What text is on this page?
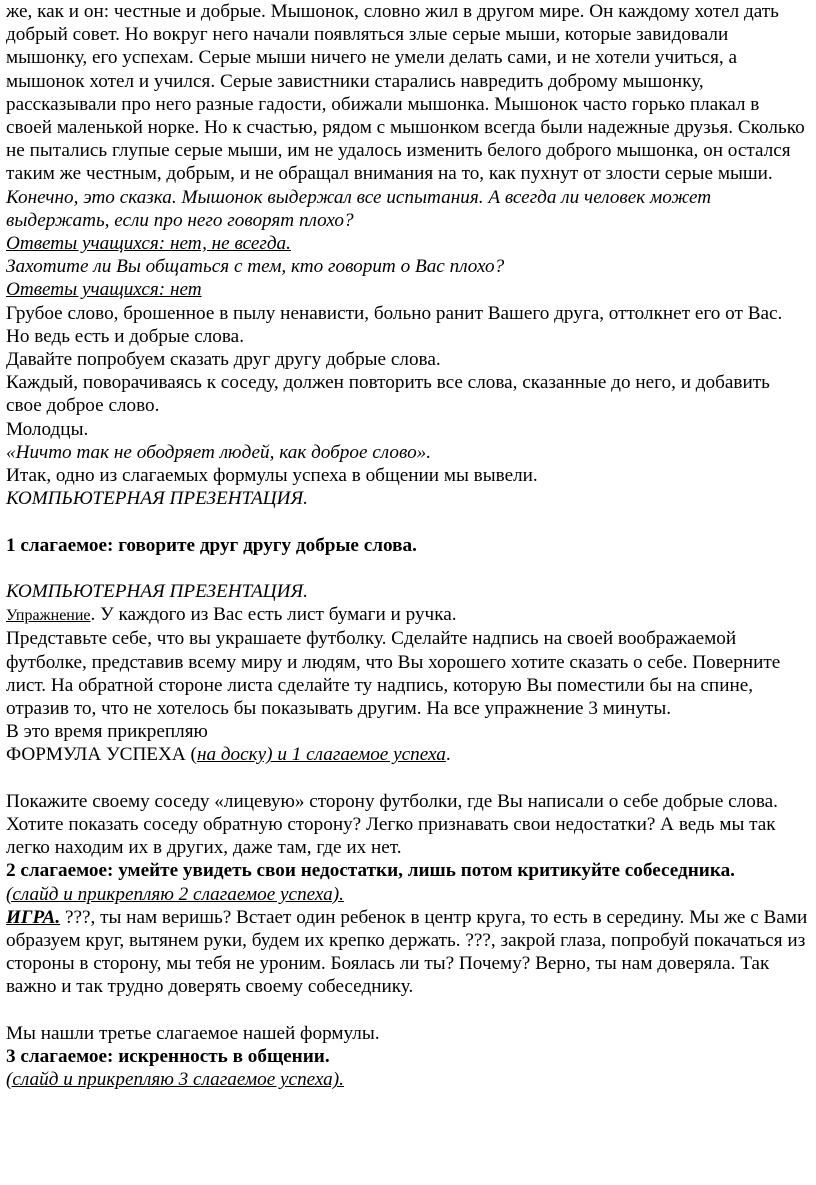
же, как и он: честные и добрые. Мышонок, словно жил в другом мире. Он каждому хотел дать добрый совет. Но вокруг него начали появляться злые серые мыши, которые завидовали мышонку, его успехам. Серые мыши ничего не умели делать сами, и не хотели учиться, а мышонок хотел и учился. Серые завистники старались навредить доброму мышонку, рассказывали про него разные гадости, обижали мышонка. Мышонок часто горько плакал в своей маленькой норке. Но к счастью, рядом с мышонком всегда были надежные друзья. Сколько не пытались глупые серые мыши, им не удалось изменить белого доброго мышонка, он остался таким же честным, добрым, и не обращал внимания на то, как пухнут от злости серые мыши.

Конечно, это сказка. Мышонок выдержал все испытания. А всегда ли человек может выдержать, если про него говорят плохо?

Ответы учащихся: нет, не всегда.

Захотите ли Вы общаться с тем, кто говорит о Вас плохо?

Ответы учащихся: нет

Грубое слово, брошенное в пылу ненависти, больно ранит Вашего друга, оттолкнет его от Вас. Но ведь есть и добрые слова.

Давайте попробуем сказать друг другу добрые слова.

Каждый, поворачиваясь к соседу, должен повторить все слова, сказанные до него, и добавить свое доброе слово.

Молодцы.

«Ничто так не ободряет людей, как доброе слово».

Итак, одно из слагаемых формулы успеха в общении мы вывели.

КОМПЬЮТЕРНАЯ ПРЕЗЕНТАЦИЯ.

1 слагаемое: говорите друг другу добрые слова.

КОМПЬЮТЕРНАЯ ПРЕЗЕНТАЦИЯ.

Упражнение. У каждого из Вас есть лист бумаги и ручка.

Представьте себе, что вы украшаете футболку. Сделайте надпись на своей воображаемой футболке, представив всему миру и людям, что Вы хорошего хотите сказать о себе. Поверните лист. На обратной стороне листа сделайте ту надпись, которую Вы поместили бы на спине, отразив то, что не хотелось бы показывать другим. На все упражнение 3 минуты.

В это время прикрепляю

ФОРМУЛА УСПЕХА (на доску) и 1 слагаемое успеха.

Покажите своему соседу «лицевую» сторону футболки, где Вы написали о себе добрые слова. Хотите показать соседу обратную сторону? Легко признавать свои недостатки? А ведь мы так легко находим их в других, даже там, где их нет.

2 слагаемое: умейте увидеть свои недостатки, лишь потом критикуйте собеседника.

(слайд и прикрепляю 2 слагаемое успеха).

ИГРА. ???, ты нам веришь? Встает один ребенок в центр круга, то есть в середину. Мы же с Вами образуем круг, вытянем руки, будем их крепко держать. ???, закрой глаза, попробуй покачаться из стороны в сторону, мы тебя не уроним. Боялась ли ты? Почему? Верно, ты нам доверяла. Так важно и так трудно доверять своему собеседнику.

Мы нашли третье слагаемое нашей формулы.

3 слагаемое: искренность в общении.

(слайд и прикрепляю 3 слагаемое успеха).
